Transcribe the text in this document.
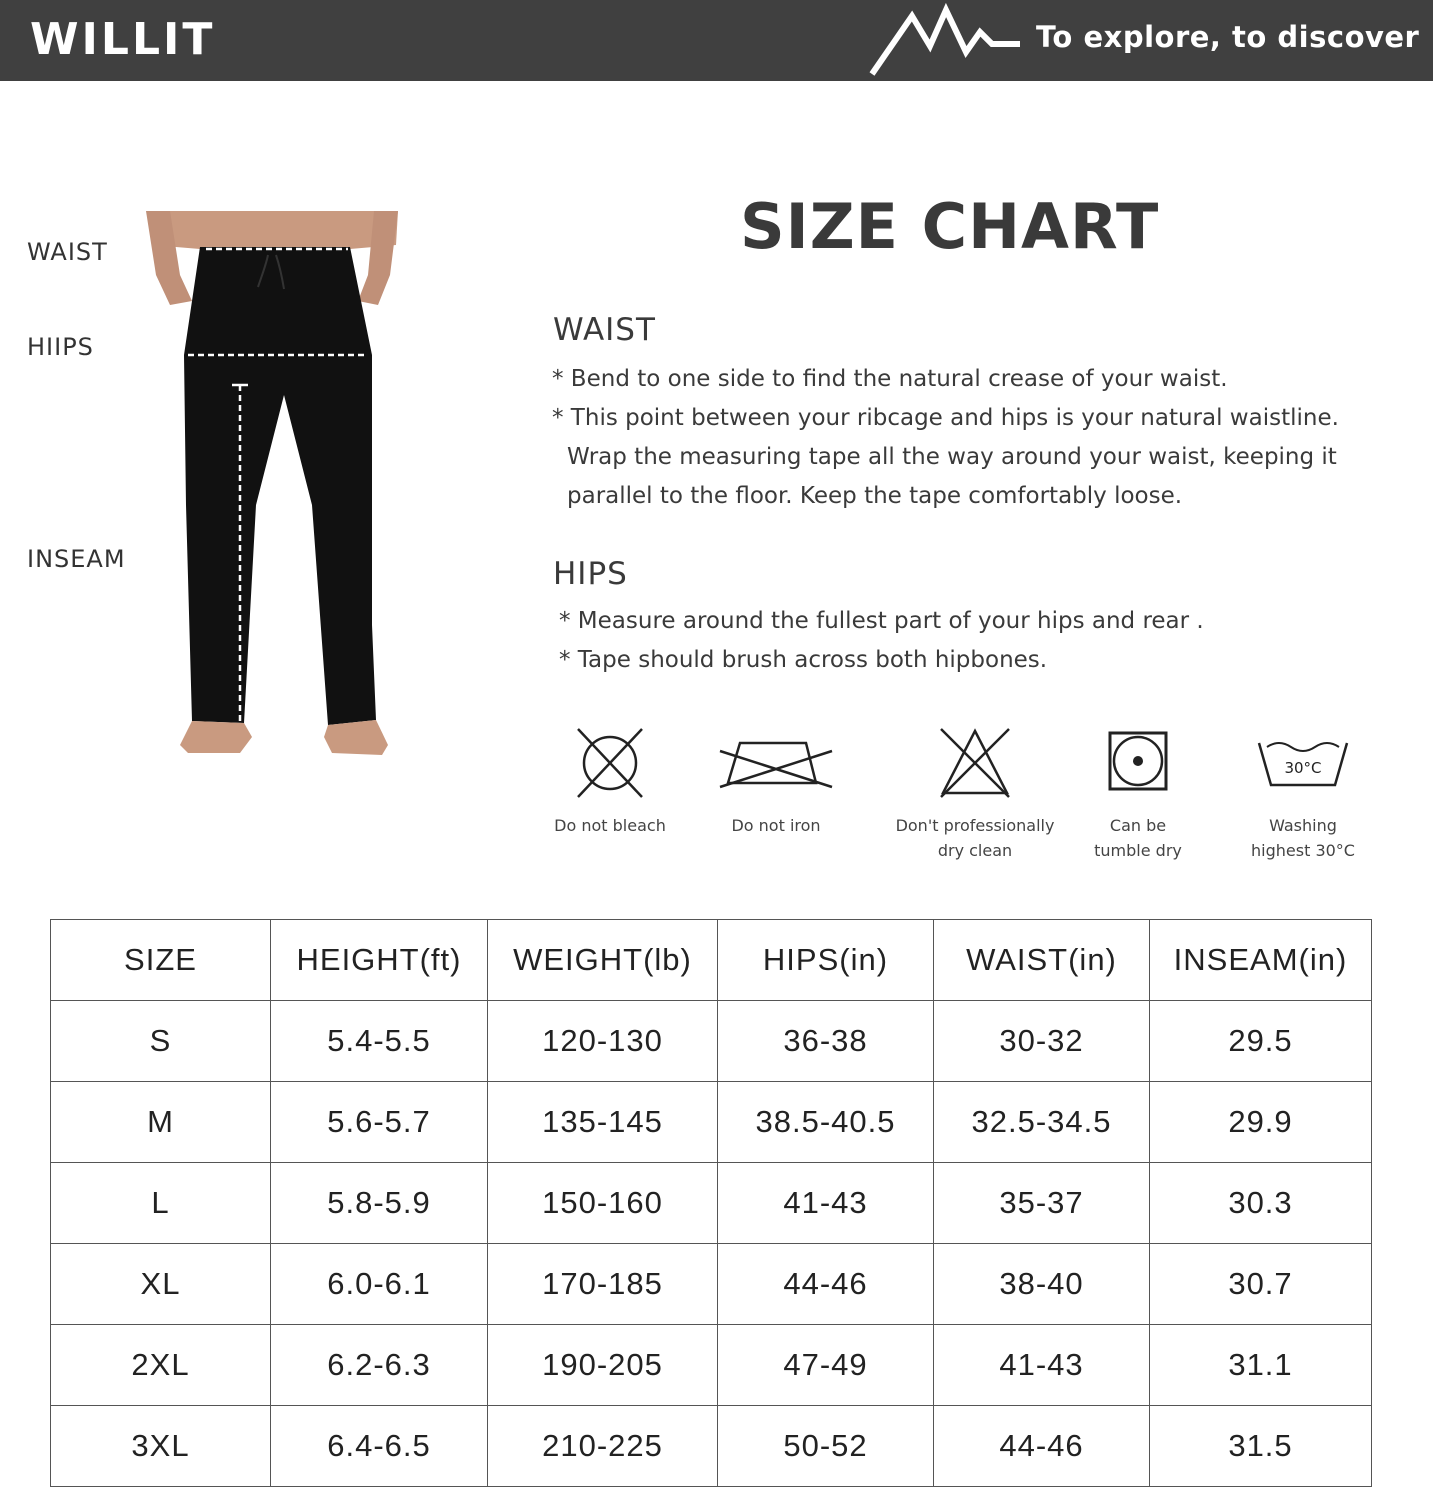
WILLIT	To explore, to discover
WAIST
HIIPS
INSEAM
SIZE CHART
WAIST
* Bend to one side to find the natural crease of your waist.
* This point between your ribcage and hips is your natural waistline.
Wrap the measuring tape all the way around your waist, keeping it
parallel to the floor. Keep the tape comfortably loose.
HIPS
* Measure around the fullest part of your hips and rear .
* Tape should brush across both hipbones.
Do not bleach	Do not iron	Don't professionally
dry clean
Can be
tumble dry
30°C
Washing
highest 30°C
SIZE	HEIGHT(ft)	WEIGHT(lb)	HIPS(in)	WAIST(in)	INSEAM(in)
S	5.4-5.5	120-130	36-38	30-32	29.5
M	5.6-5.7	135-145	38.5-40.5	32.5-34.5	29.9
L	5.8-5.9	150-160	41-43	35-37	30.3
XL	6.0-6.1	170-185	44-46	38-40	30.7
2XL	6.2-6.3	190-205	47-49	41-43	31.1
3XL	6.4-6.5	210-225	50-52	44-46	31.5
